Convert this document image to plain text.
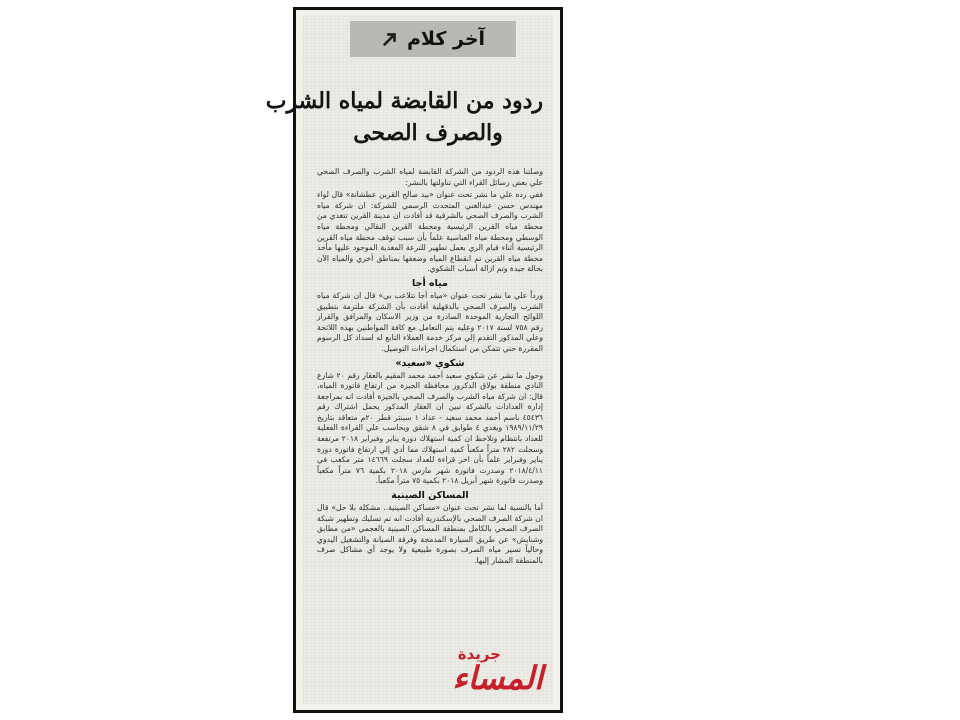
آخر كلام
ردود من القابضة لمياه الشرب
والصرف الصحى

وصلتنا هذه الردود من الشركة القابضة لمياه الشرب والصرف الصحي علي بعض رسائل القراء التي تناولتها بالنشر:

ففي رده علي ما نشر تحت عنوان «بيد صالح القرين عطشانة» قال لواء مهندس حسن عبدالغني المتحدث الرسمي للشركة: ان شركة مياه الشرب والصرف الصحي بالشرقية قد أفادت ان مدينة القرين تتغذي من محطة مياه القرين الرئيسية ومحطة القرين النقالي ومحطة مياه الوسطي ومحطة مياه العباسية علماً بأن سبب توقف محطة مياه القرين الرئيسية أثناء قيام الري بعمل تطهير للترعة المغذية الموجود عليها مأخذ محطة مياه القرين تم انقطاع المياه وضعفها بمناطق أخري والمياه الآن بحالة جيدة وتم ازالة أسباب الشكوي.

مياه أجا

ورداً علي ما نشر تحت عنوان «مياه أجا تتلاعب بي» قال ان شركة مياه الشرب والصرف الصحي بالدقهلية أفادت بأن الشركة ملتزمة بتطبيق اللوائح التجارية الموحدة الصادرة من وزير الاسكان والمرافق والقرار رقم ٧٥٨ لسنة ٢٠١٧ وعليه يتم التعامل مع كافة المواطنين بهذه اللائحة وعلي المذكور التقدم إلي مركز خدمة العملاء التابع له لسداد كل الرسوم المقررة حتي تتمكن من استكمال اجراءات التوصيل.

شكوي «سعيد»

وحول ما نشر عن شكوي سعيد أحمد محمد المقيم بالعقار رقم ٢٠ شارع النادي منطقة بولاق الدكرور محافظة الجيزة من ارتفاع فاتورة المياه، قال: ان شركة مياه الشرب والصرف الصحي بالجيزة أفادت انه بمراجعة إدارة العدادات بالشركة تبين ان العقار المذكور يحمل اشتراك رقم ٤٥٤٣٦ باسم أحمد محمد سعيد - عداد ١ سينتر قطر ٢٠م متعاقد بتاريخ ١٩٨٩/١١/٢٩ ويغذي ٤ طوابق في ٨ شقق ويحاسب علي القراءة الفعلية للعداد بانتظام وتلاحظ ان كمية استهلاك دورة يناير وفبراير ٢٠١٨ مرتفعة وسجلت ٢٨٢ متراً مكعباً كمية استهلاك مما أدي إلي ارتفاع فاتورة دورة يناير وفبراير علماً بأن اخر قراءة للعداد سجلت ١٤٦٦٩ متر مكعب في ٢٠١٨/٤/١١ وصدرت فاتورة شهر مارس ٢٠١٨ بكمية ٧٦ متراً مكعباً وصدرت فاتورة شهر أبريل ٢٠١٨ بكمية ٧٥ متراً مكعباً.

المساكن الصينية

أما بالنسبة لما نشر تحت عنوان «مساكن الصينية.. مشكلة بلا حل» قال ان شركة الصرف الصحي بالإسكندرية أفادت انه تم تسليك وتطهير شبكة الصرف الصحي بالكامل بمنطقة المساكن الصينية بالعجمي «من مطابق وشنايش» عن طريق السيارة المدمجة وفرقة الصيانة والتشغيل اليدوي وحالياً تسير مياه الصرف بصورة طبيعية ولا يوجد أي مشاكل صرف بالمنطقة المشار إليها.

جريدة
المساء
